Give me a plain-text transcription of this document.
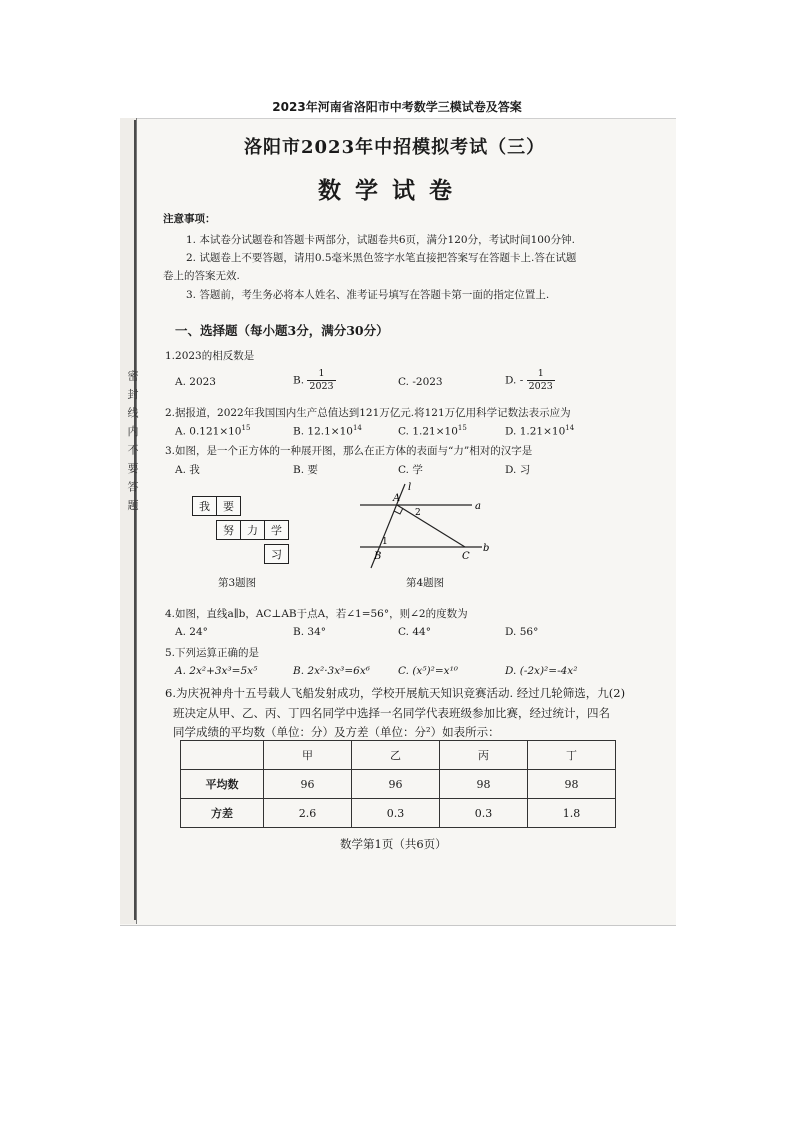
2023年河南省洛阳市中考数学三模试卷及答案
密 封 线 内 不 要 答 题
洛阳市2023年中招模拟考试（三）
数学试卷
注意事项：
1. 本试卷分试题卷和答题卡两部分，试题卷共6页，满分120分，考试时间100分钟.
2. 试题卷上不要答题，请用0.5毫米黑色签字水笔直接把答案写在答题卡上.答在试题
卷上的答案无效.
3. 答题前，考生务必将本人姓名、准考证号填写在答题卡第一面的指定位置上.
一、选择题（每小题3分，满分30分）
1.2023的相反数是
A. 2023	B. $\frac{1}{2023}$	C. -2023	D. - $\frac{1}{2023}$
2.据报道，2022年我国国内生产总值达到121万亿元.将121万亿用科学记数法表示应为
A. $0.121\times 10^{15}$	B. $12.1\times 10^{14}$	C. $1.21\times 10^{15}$	D. $1.21\times 10^{14}$
3.如图，是一个正方体的一种展开图，那么在正方体的表面与“力”相对的汉字是
A. 我	B. 要	C. 学	D. 习
我	要
努	力	学
习
第3题图
l
a
b
A
B	C
1
2
第4题图
4.如图，直线a∥b，AC⊥AB于点A，若∠1=56°，则∠2的度数为
A. 24°	B. 34°	C. 44°	D. 56°
5.下列运算正确的是
A. 2x²+3x³=5x⁵	B. 2x²·3x³=6x⁶	C. (x⁵)²=x¹⁰	D. (-2x)²=-4x²
6.为庆祝神舟十五号载人飞船发射成功，学校开展航天知识竞赛活动. 经过几轮筛选，九(2)
班决定从甲、乙、丙、丁四名同学中选择一名同学代表班级参加比赛，经过统计，四名
同学成绩的平均数（单位：分）及方差（单位：分²）如表所示：
	甲	乙	丙	丁
平均数	96	96	98	98
方差	2.6	0.3	0.3	1.8
数学第1页（共6页）
